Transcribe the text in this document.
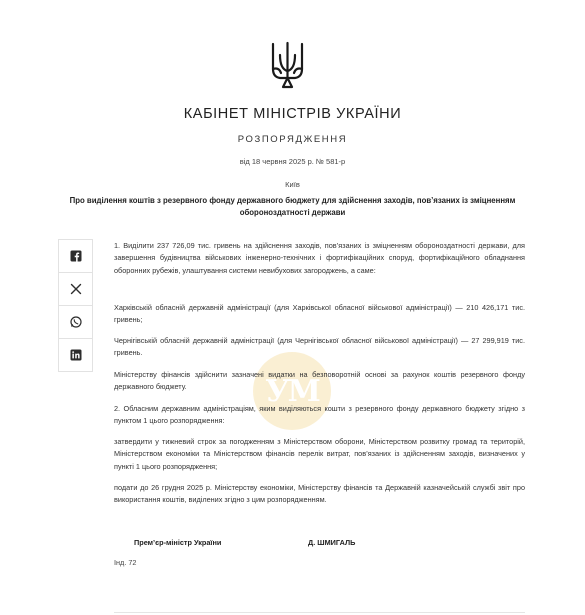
КАБІНЕТ МІНІСТРІВ УКРАЇНИ
РОЗПОРЯДЖЕННЯ
від 18 червня 2025 р. № 581-р
Київ
Про виділення коштів з резервного фонду державного бюджету для здійснення заходів, пов’язаних із зміцненням обороноздатності держави
УМ

1. Виділити 237 726,09 тис. гривень на здійснення заходів, пов’язаних із зміцненням обороноздатності держави, для завершення будівництва військових інженерно-технічних і фортифікаційних споруд, фортифікаційного обладнання оборонних рубежів, улаштування системи невибухових загороджень, а саме:

Харківській обласній державній адміністрації (для Харківської обласної військової адміністрації) — 210 426,171 тис. гривень;

Чернігівській обласній державній адміністрації (для Чернігівської обласної військової адміністрації) — 27 299,919 тис. гривень.

Міністерству фінансів здійснити зазначені видатки на безповоротній основі за рахунок коштів резервного фонду державного бюджету.

2. Обласним державним адміністраціям, яким виділяються кошти з резервного фонду державного бюджету згідно з пунктом 1 цього розпорядження:

затвердити у тижневий строк за погодженням з Міністерством оборони, Міністерством розвитку громад та територій, Міністерством економіки та Міністерством фінансів перелік витрат, пов’язаних із здійсненням заходів, визначених у пункті 1 цього розпорядження;

подати до 26 грудня 2025 р. Міністерству економіки, Міністерству фінансів та Державній казначейській службі звіт про використання коштів, виділених згідно з цим розпорядженням.

Прем’єр-міністр України	Д. ШМИГАЛЬ
Інд. 72
